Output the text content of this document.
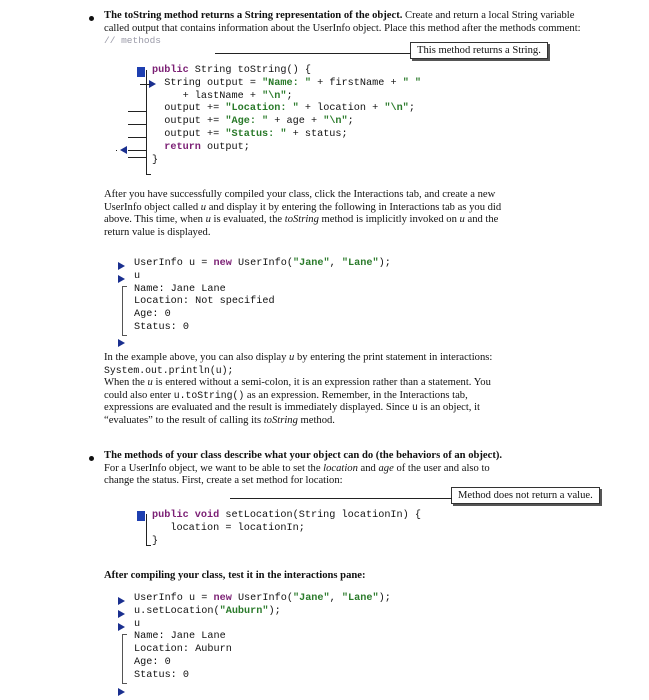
The toString method returns a String representation of the object. Create and return a local String variable called output that contains information about the UserInfo object. Place this method after the methods comment: // methods
This method returns a String.
public String toString() {
String output = "Name: " + firstName + " "
+ lastName + "\n";
output += "Location: " + location + "\n";
output += "Age: " + age + "\n";
output += "Status: " + status;
return output;
}
After you have successfully compiled your class, click the Interactions tab, and create a new
UserInfo object called u and display it by entering the following in Interactions tab as you did
above. This time, when u is evaluated, the toString method is implicitly invoked on u and the
return value is displayed.
UserInfo u = new UserInfo("Jane", "Lane");
u
Name: Jane Lane
Location: Not specified
Age: 0
Status: 0
In the example above, you can also display u by entering the print statement in interactions:
System.out.println(u);
When the u is entered without a semi-colon, it is an expression rather than a statement. You
could also enter u.toString() as an expression. Remember, in the Interactions tab,
expressions are evaluated and the result is immediately displayed. Since u is an object, it
“evaluates” to the result of calling its toString method.
The methods of your class describe what your object can do (the behaviors of an object).
For a UserInfo object, we want to be able to set the location and age of the user and also to
change the status. First, create a set method for location:
Method does not return a value.
public void setLocation(String locationIn) {
location = locationIn;
}
After compiling your class, test it in the interactions pane:
UserInfo u = new UserInfo("Jane", "Lane");
u.setLocation("Auburn");
u
Name: Jane Lane
Location: Auburn
Age: 0
Status: 0
